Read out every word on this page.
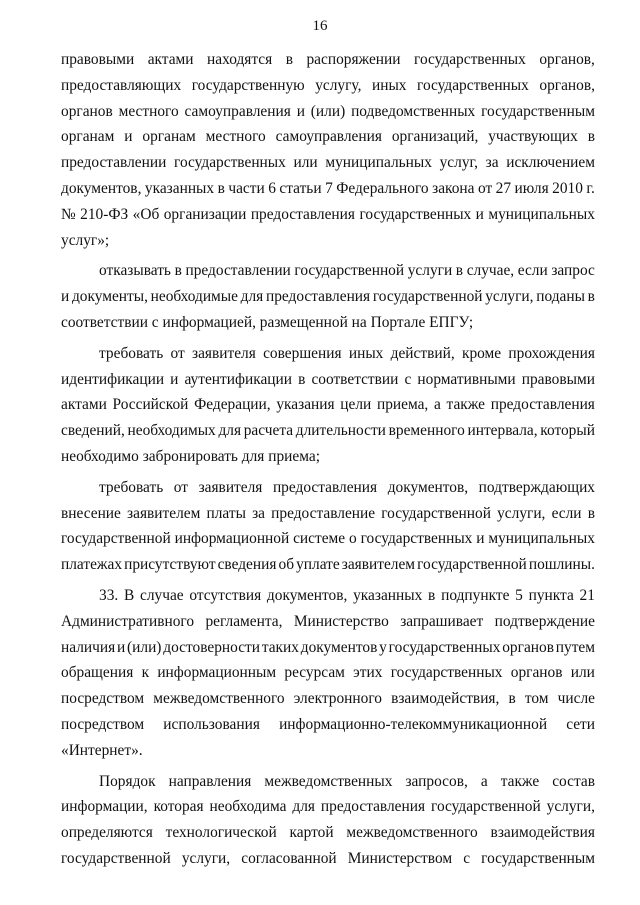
16
правовыми актами находятся в распоряжении государственных органов,
предоставляющих государственную услугу, иных государственных органов,
органов местного самоуправления и (или) подведомственных государственным
органам и органам местного самоуправления организаций, участвующих в
предоставлении государственных или муниципальных услуг, за исключением
документов, указанных в части 6 статьи 7 Федерального закона от 27 июля 2010 г.
№ 210-ФЗ «Об организации предоставления государственных и муниципальных
услуг»;
отказывать в предоставлении государственной услуги в случае, если запрос
и документы, необходимые для предоставления государственной услуги, поданы в
соответствии с информацией, размещенной на Портале ЕПГУ;
требовать от заявителя совершения иных действий, кроме прохождения
идентификации и аутентификации в соответствии с нормативными правовыми
актами Российской Федерации, указания цели приема, а также предоставления
сведений, необходимых для расчета длительности временного интервала, который
необходимо забронировать для приема;
требовать от заявителя предоставления документов, подтверждающих
внесение заявителем платы за предоставление государственной услуги, если в
государственной информационной системе о государственных и муниципальных
платежах присутствуют сведения об уплате заявителем государственной пошлины.
33. В случае отсутствия документов, указанных в подпункте 5 пункта 21
Административного регламента, Министерство запрашивает подтверждение
наличия и (или) достоверности таких документов у государственных органов путем
обращения к информационным ресурсам этих государственных органов или
посредством межведомственного электронного взаимодействия, в том числе
посредством использования информационно-телекоммуникационной сети
«Интернет».
Порядок направления межведомственных запросов, а также состав
информации, которая необходима для предоставления государственной услуги,
определяются технологической картой межведомственного взаимодействия
государственной услуги, согласованной Министерством с государственным
